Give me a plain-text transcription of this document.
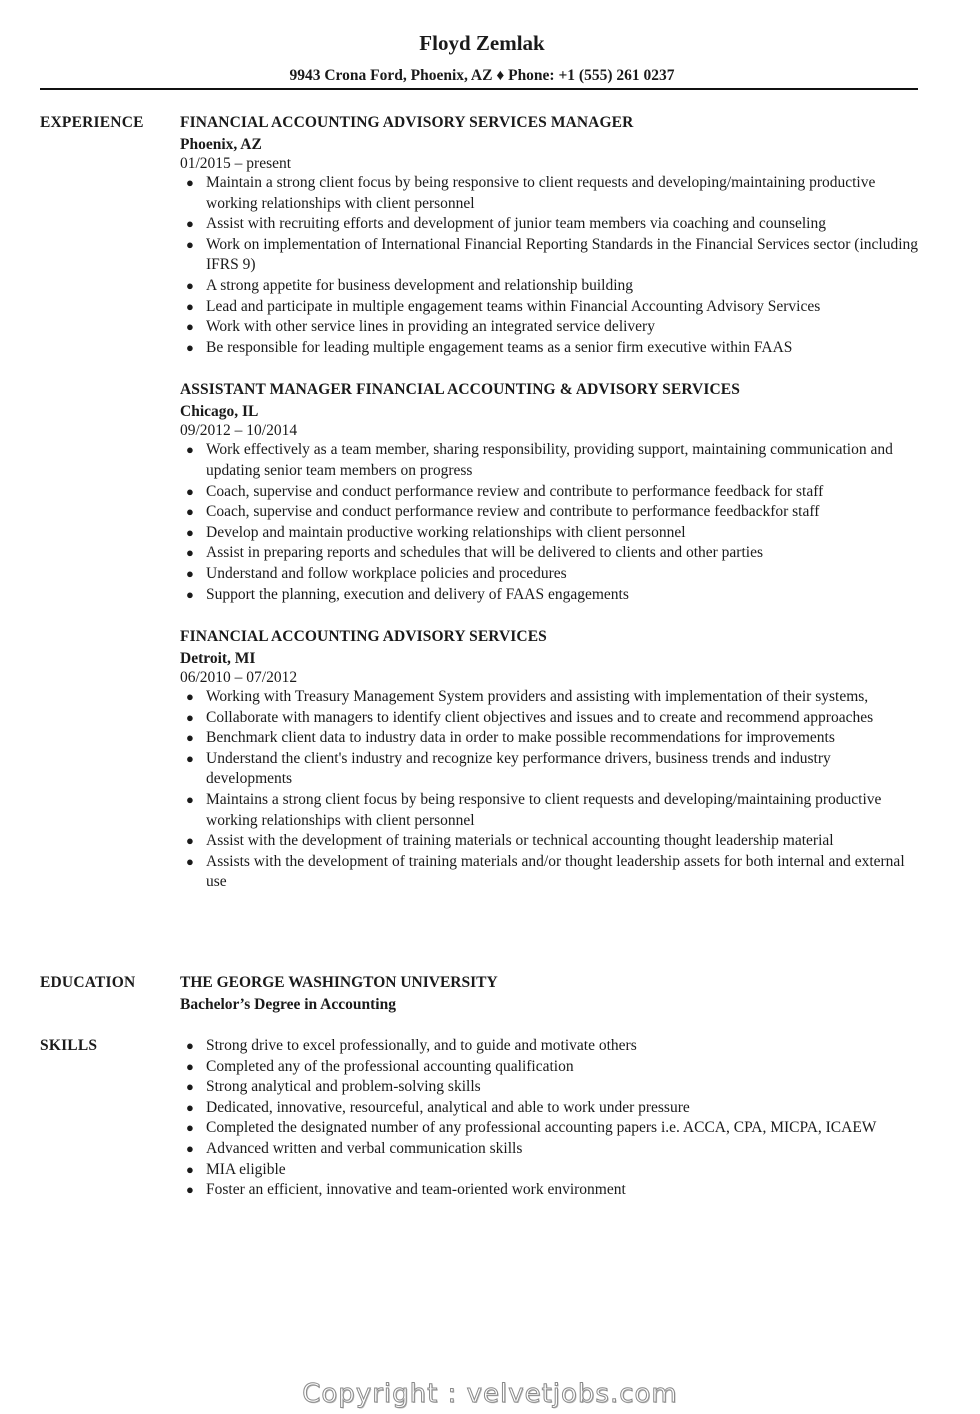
Floyd Zemlak
9943 Crona Ford, Phoenix, AZ ♦ Phone: +1 (555) 261 0237
EXPERIENCE FINANCIAL ACCOUNTING ADVISORY SERVICES MANAGER
Phoenix, AZ
01/2015 – present
● Maintain a strong client focus by being responsive to client requests and developing/maintaining productive working relationships with client personnel
● Assist with recruiting efforts and development of junior team members via coaching and counseling
● Work on implementation of International Financial Reporting Standards in the Financial Services sector (including IFRS 9)
● A strong appetite for business development and relationship building
● Lead and participate in multiple engagement teams within Financial Accounting Advisory Services
● Work with other service lines in providing an integrated service delivery
● Be responsible for leading multiple engagement teams as a senior firm executive within FAAS
ASSISTANT MANAGER FINANCIAL ACCOUNTING & ADVISORY SERVICES
Chicago, IL
09/2012 – 10/2014
● Work effectively as a team member, sharing responsibility, providing support, maintaining communication and updating senior team members on progress
● Coach, supervise and conduct performance review and contribute to performance feedback for staff
● Coach, supervise and conduct performance review and contribute to performance feedbackfor staff
● Develop and maintain productive working relationships with client personnel
● Assist in preparing reports and schedules that will be delivered to clients and other parties
● Understand and follow workplace policies and procedures
● Support the planning, execution and delivery of FAAS engagements
FINANCIAL ACCOUNTING ADVISORY SERVICES
Detroit, MI
06/2010 – 07/2012
● Working with Treasury Management System providers and assisting with implementation of their systems,
● Collaborate with managers to identify client objectives and issues and to create and recommend approaches
● Benchmark client data to industry data in order to make possible recommendations for improvements
● Understand the client's industry and recognize key performance drivers, business trends and industry developments
● Maintains a strong client focus by being responsive to client requests and developing/maintaining productive working relationships with client personnel
● Assist with the development of training materials or technical accounting thought leadership material
● Assists with the development of training materials and/or thought leadership assets for both internal and external use
EDUCATION	THE GEORGE WASHINGTON UNIVERSITY
Bachelor’s Degree in Accounting
SKILLS	● Strong drive to excel professionally, and to guide and motivate others
● Completed any of the professional accounting qualification
● Strong analytical and problem-solving skills
● Dedicated, innovative, resourceful, analytical and able to work under pressure
● Completed the designated number of any professional accounting papers i.e. ACCA, CPA, MICPA, ICAEW
● Advanced written and verbal communication skills
● MIA eligible
● Foster an efficient, innovative and team-oriented work environment
Copyright : velvetjobs.com
